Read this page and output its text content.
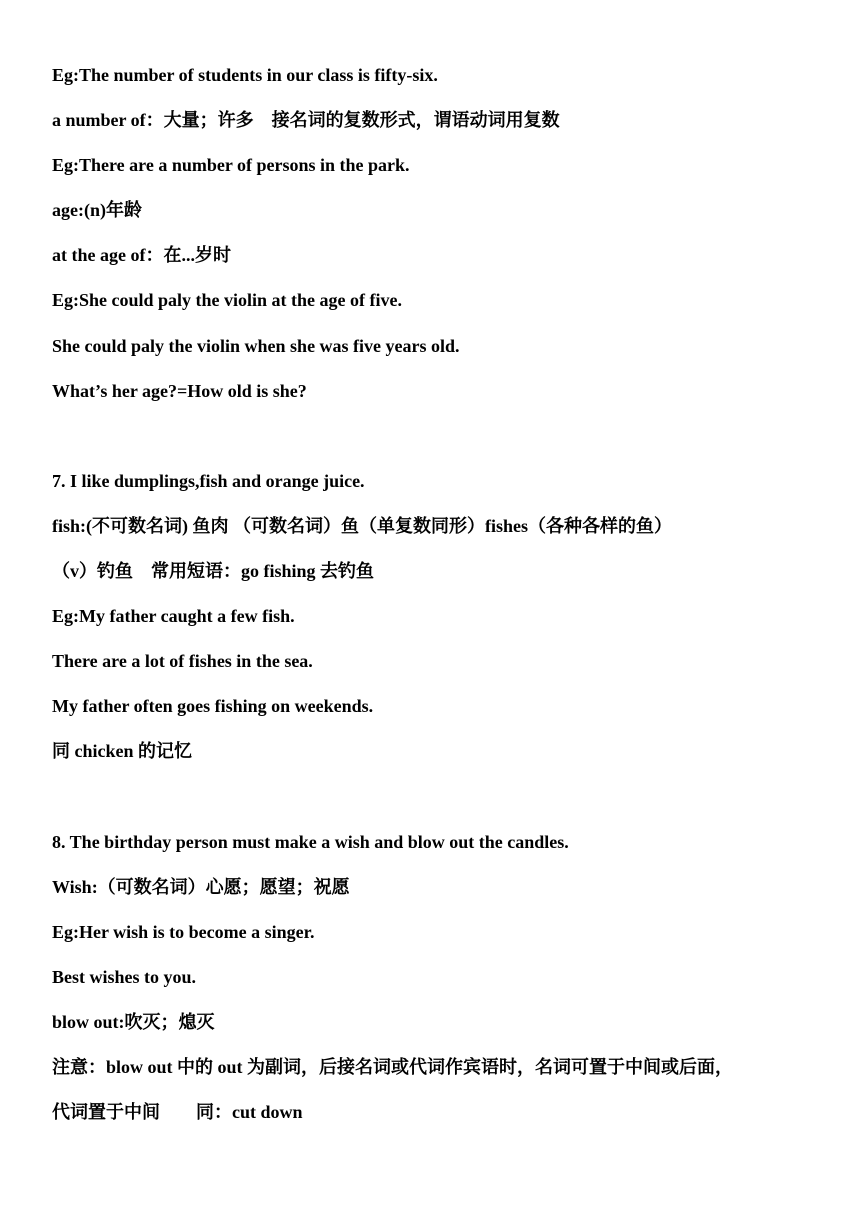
Eg:The number of students in our class is fifty-six.
a number of：大量；许多　接名词的复数形式，谓语动词用复数
Eg:There are a number of persons in the park.
age:(n)年龄
at the age of：在...岁时
Eg:She could paly the violin at the age of five.
She could paly the violin when she was five years old.
What’s her age?=How old is she?
7. I like dumplings,fish and orange juice.
fish:(不可数名词) 鱼肉 （可数名词）鱼（单复数同形）fishes（各种各样的鱼）
（v）钓鱼　常用短语：go fishing 去钓鱼
Eg:My father caught a few fish.
There are a lot of fishes in the sea.
My father often goes fishing on weekends.
同 chicken 的记忆
8. The birthday person must make a wish and blow out the candles.
Wish:（可数名词）心愿；愿望；祝愿
Eg:Her wish is to become a singer.
Best wishes to you.
blow out:吹灭；熄灭
注意：blow out 中的 out 为副词，后接名词或代词作宾语时，名词可置于中间或后面，
代词置于中间　　同：cut down
